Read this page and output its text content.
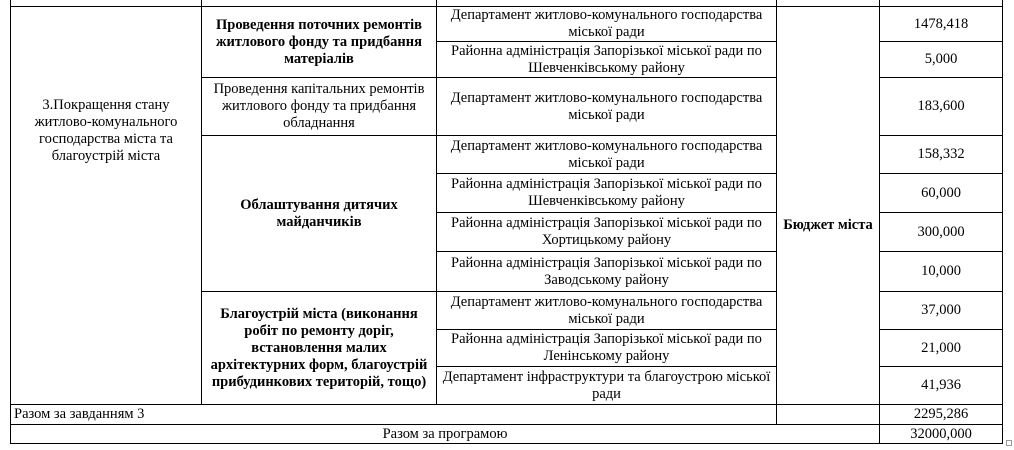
3.Покращення стану житлово-комунального господарства міста та благоустрій міста
Проведення поточних ремонтів житлового фонду та придбання матеріалів
Проведення капітальних ремонтів житлового фонду та придбання обладнання
Облаштування дитячих майданчиків
Благоустрій міста (виконання робіт по ремонту доріг, встановлення малих архітектурних форм, благоустрій прибудинкових територій, тощо)
Департамент житлово-комунального господарства міської ради
Районна адміністрація Запорізької міської ради по Шевченківському району
Департамент житлово-комунального господарства міської ради
Департамент житлово-комунального господарства міської ради
Районна адміністрація Запорізької міської ради по Шевченківському району
Районна адміністрація Запорізької міської ради по Хортицькому району
Районна адміністрація Запорізької міської ради по Заводському району
Департамент житлово-комунального господарства міської ради
Районна адміністрація Запорізької міської ради по Ленінському району
Департамент інфраструктури та благоустрою міської ради
Бюджет міста
1478,418
5,000
183,600
158,332
60,000
300,000
10,000
37,000
21,000
41,936
Разом за завданням 3	2295,286
Разом за програмою	32000,000
